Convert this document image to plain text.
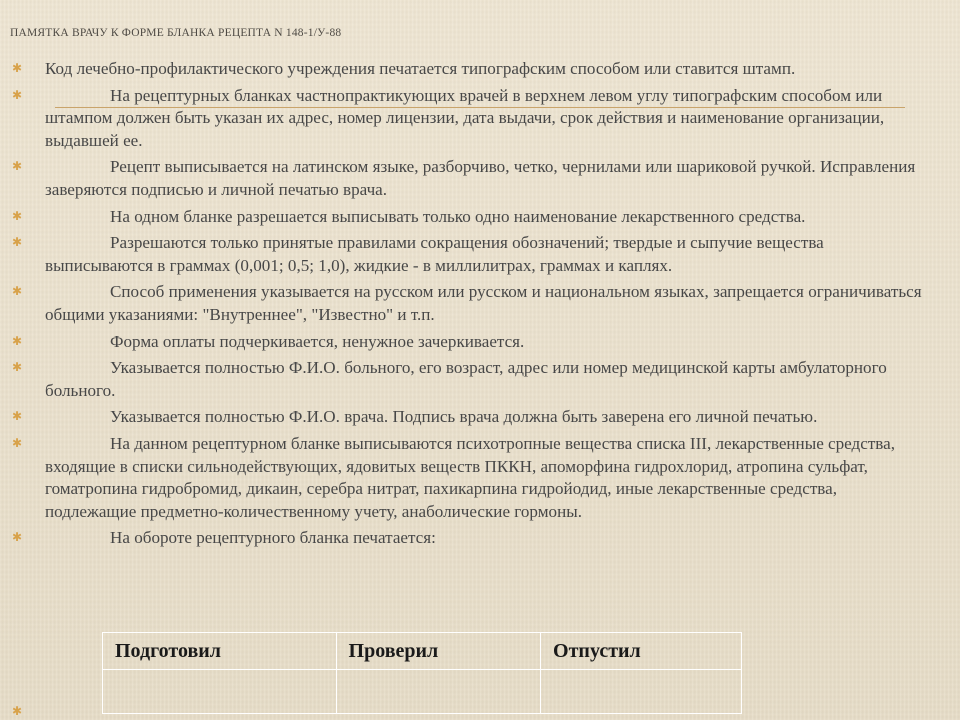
ПАМЯТКА ВРАЧУ К ФОРМЕ БЛАНКА РЕЦЕПТА N 148-1/У-88
✱ Код лечебно-профилактического учреждения печатается типографским способом или ставится штамп.
✱	На рецептурных бланках частнопрактикующих врачей в верхнем левом углу типографским способом или штампом должен быть указан их адрес, номер лицензии, дата выдачи, срок действия и наименование организации, выдавшей ее.
✱	Рецепт выписывается на латинском языке, разборчиво, четко, чернилами или шариковой ручкой. Исправления заверяются подписью и личной печатью врача.
✱	На одном бланке разрешается выписывать только одно наименование лекарственного средства.
✱	Разрешаются только принятые правилами сокращения обозначений; твердые и сыпучие вещества выписываются в граммах (0,001; 0,5; 1,0), жидкие - в миллилитрах, граммах и каплях.
✱	Способ применения указывается на русском или русском и национальном языках, запрещается ограничиваться общими указаниями: "Внутреннее", "Известно" и т.п.
✱	Форма оплаты подчеркивается, ненужное зачеркивается.
✱	Указывается полностью Ф.И.О. больного, его возраст, адрес или номер медицинской карты амбулаторного больного.
✱	Указывается полностью Ф.И.О. врача. Подпись врача должна быть заверена его личной печатью.
✱	На данном рецептурном бланке выписываются психотропные вещества списка III, лекарственные средства, входящие в списки сильнодействующих, ядовитых веществ ПККН, апоморфина гидрохлорид, атропина сульфат, гоматропина гидробромид, дикаин, серебра нитрат, пахикарпина гидройодид, иные лекарственные средства, подлежащие предметно-количественному учету, анаболические гормоны.
✱	На обороте рецептурного бланка печатается:
Подготовил	Проверил	Отпустил

✱
